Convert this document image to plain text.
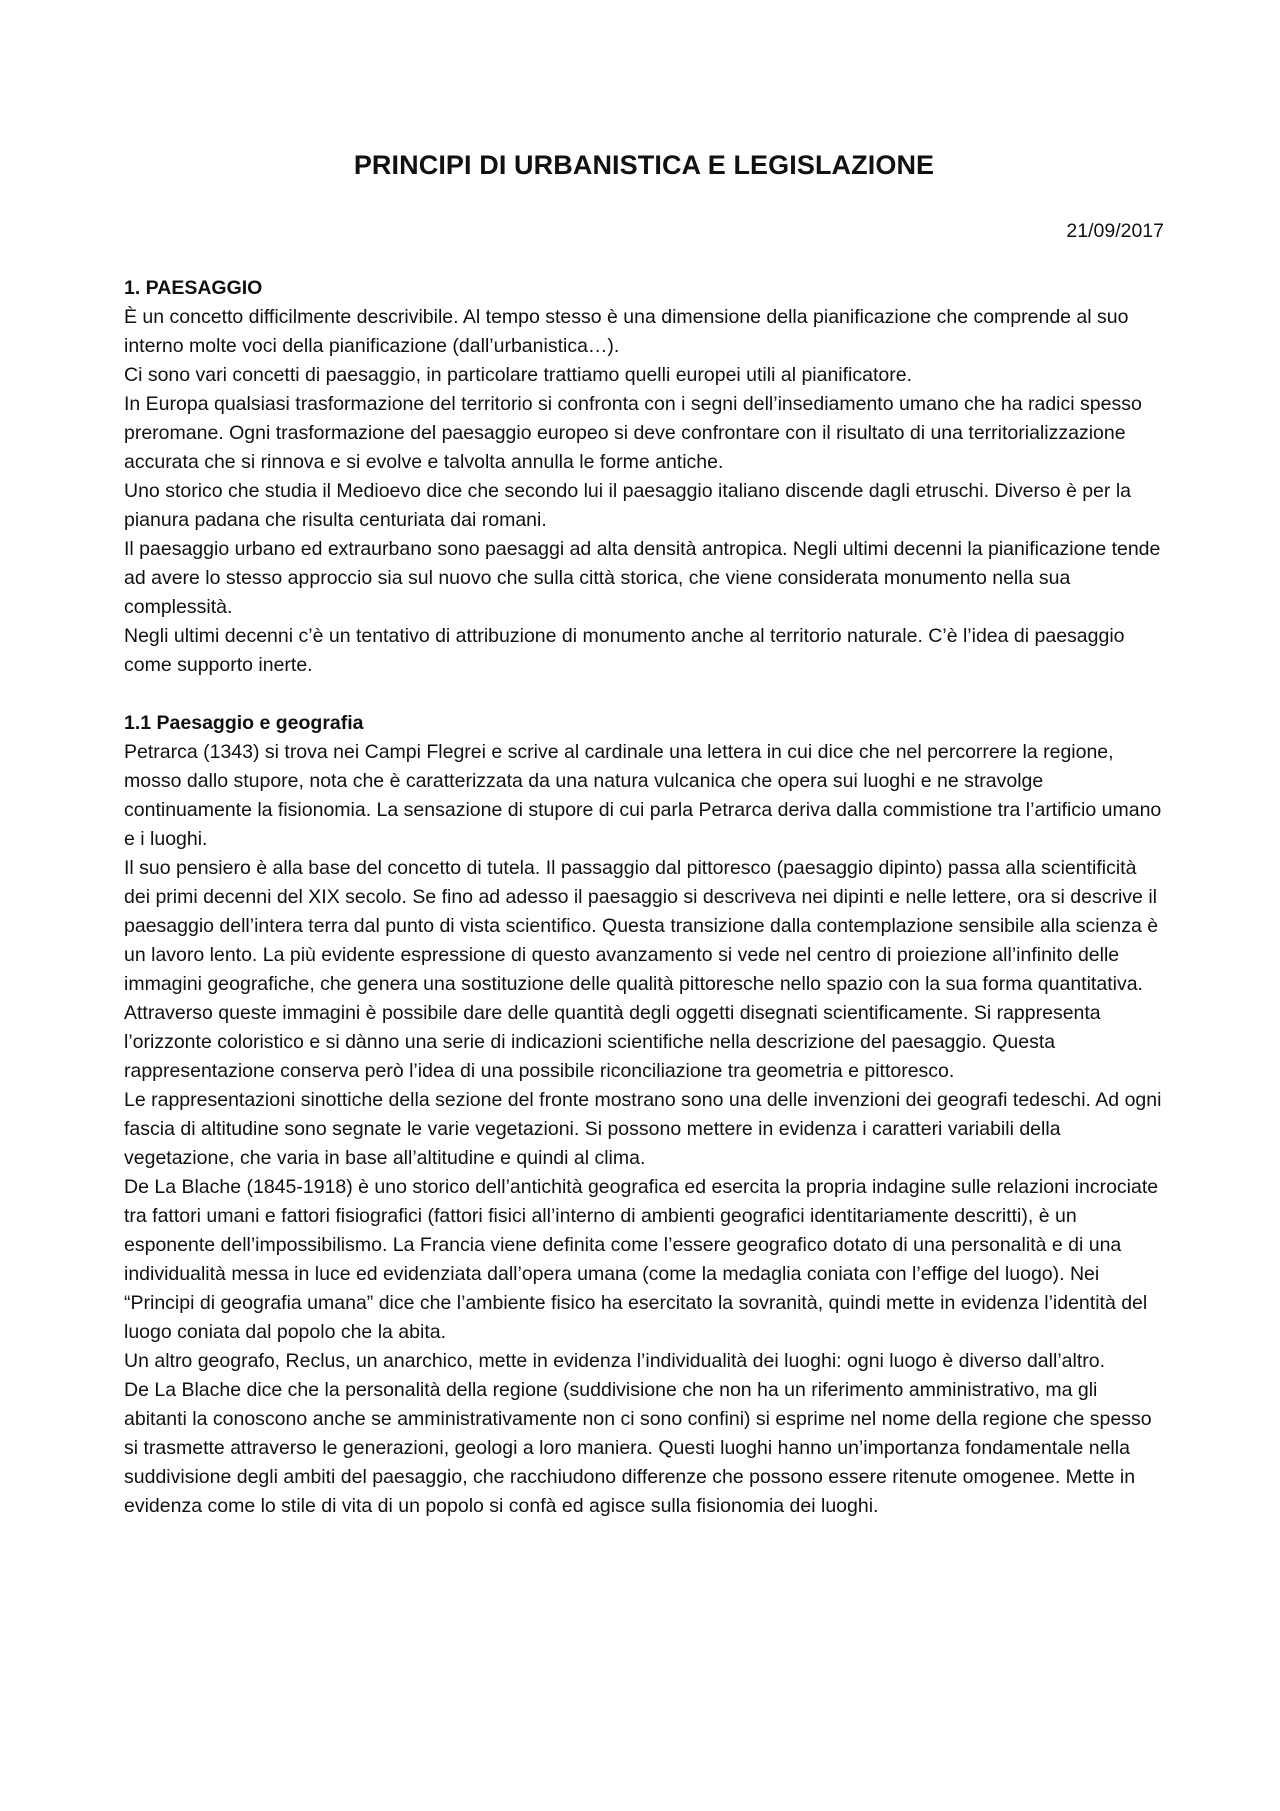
PRINCIPI DI URBANISTICA E LEGISLAZIONE
21/09/2017
1. PAESAGGIO

È un concetto difficilmente descrivibile. Al tempo stesso è una dimensione della pianificazione che comprende al suo interno molte voci della pianificazione (dall’urbanistica…).

Ci sono vari concetti di paesaggio, in particolare trattiamo quelli europei utili al pianificatore.

In Europa qualsiasi trasformazione del territorio si confronta con i segni dell’insediamento umano che ha radici spesso preromane. Ogni trasformazione del paesaggio europeo si deve confrontare con il risultato di una territorializzazione accurata che si rinnova e si evolve e talvolta annulla le forme antiche.

Uno storico che studia il Medioevo dice che secondo lui il paesaggio italiano discende dagli etruschi. Diverso è per la pianura padana che risulta centuriata dai romani.

Il paesaggio urbano ed extraurbano sono paesaggi ad alta densità antropica. Negli ultimi decenni la pianificazione tende ad avere lo stesso approccio sia sul nuovo che sulla città storica, che viene considerata monumento nella sua complessità.

Negli ultimi decenni c’è un tentativo di attribuzione di monumento anche al territorio naturale. C’è l’idea di paesaggio come supporto inerte.

1.1 Paesaggio e geografia

Petrarca (1343) si trova nei Campi Flegrei e scrive al cardinale una lettera in cui dice che nel percorrere la regione, mosso dallo stupore, nota che è caratterizzata da una natura vulcanica che opera sui luoghi e ne stravolge continuamente la fisionomia. La sensazione di stupore di cui parla Petrarca deriva dalla commistione tra l’artificio umano e i luoghi.

Il suo pensiero è alla base del concetto di tutela. Il passaggio dal pittoresco (paesaggio dipinto) passa alla scientificità dei primi decenni del XIX secolo. Se fino ad adesso il paesaggio si descriveva nei dipinti e nelle lettere, ora si descrive il paesaggio dell’intera terra dal punto di vista scientifico. Questa transizione dalla contemplazione sensibile alla scienza è un lavoro lento. La più evidente espressione di questo avanzamento si vede nel centro di proiezione all’infinito delle immagini geografiche, che genera una sostituzione delle qualità pittoresche nello spazio con la sua forma quantitativa. Attraverso queste immagini è possibile dare delle quantità degli oggetti disegnati scientificamente. Si rappresenta l’orizzonte coloristico e si dànno una serie di indicazioni scientifiche nella descrizione del paesaggio. Questa rappresentazione conserva però l’idea di una possibile riconciliazione tra geometria e pittoresco.

Le rappresentazioni sinottiche della sezione del fronte mostrano sono una delle invenzioni dei geografi tedeschi. Ad ogni fascia di altitudine sono segnate le varie vegetazioni. Si possono mettere in evidenza i caratteri variabili della vegetazione, che varia in base all’altitudine e quindi al clima.

De La Blache (1845-1918) è uno storico dell’antichità geografica ed esercita la propria indagine sulle relazioni incrociate tra fattori umani e fattori fisiografici (fattori fisici all’interno di ambienti geografici identitariamente descritti), è un esponente dell’impossibilismo. La Francia viene definita come l’essere geografico dotato di una personalità e di una individualità messa in luce ed evidenziata dall’opera umana (come la medaglia coniata con l’effige del luogo). Nei “Principi di geografia umana” dice che l’ambiente fisico ha esercitato la sovranità, quindi mette in evidenza l’identità del luogo coniata dal popolo che la abita.

Un altro geografo, Reclus, un anarchico, mette in evidenza l’individualità dei luoghi: ogni luogo è diverso dall’altro.

De La Blache dice che la personalità della regione (suddivisione che non ha un riferimento amministrativo, ma gli abitanti la conoscono anche se amministrativamente non ci sono confini) si esprime nel nome della regione che spesso si trasmette attraverso le generazioni, geologi a loro maniera. Questi luoghi hanno un’importanza fondamentale nella suddivisione degli ambiti del paesaggio, che racchiudono differenze che possono essere ritenute omogenee. Mette in evidenza come lo stile di vita di un popolo si confà ed agisce sulla fisionomia dei luoghi.
